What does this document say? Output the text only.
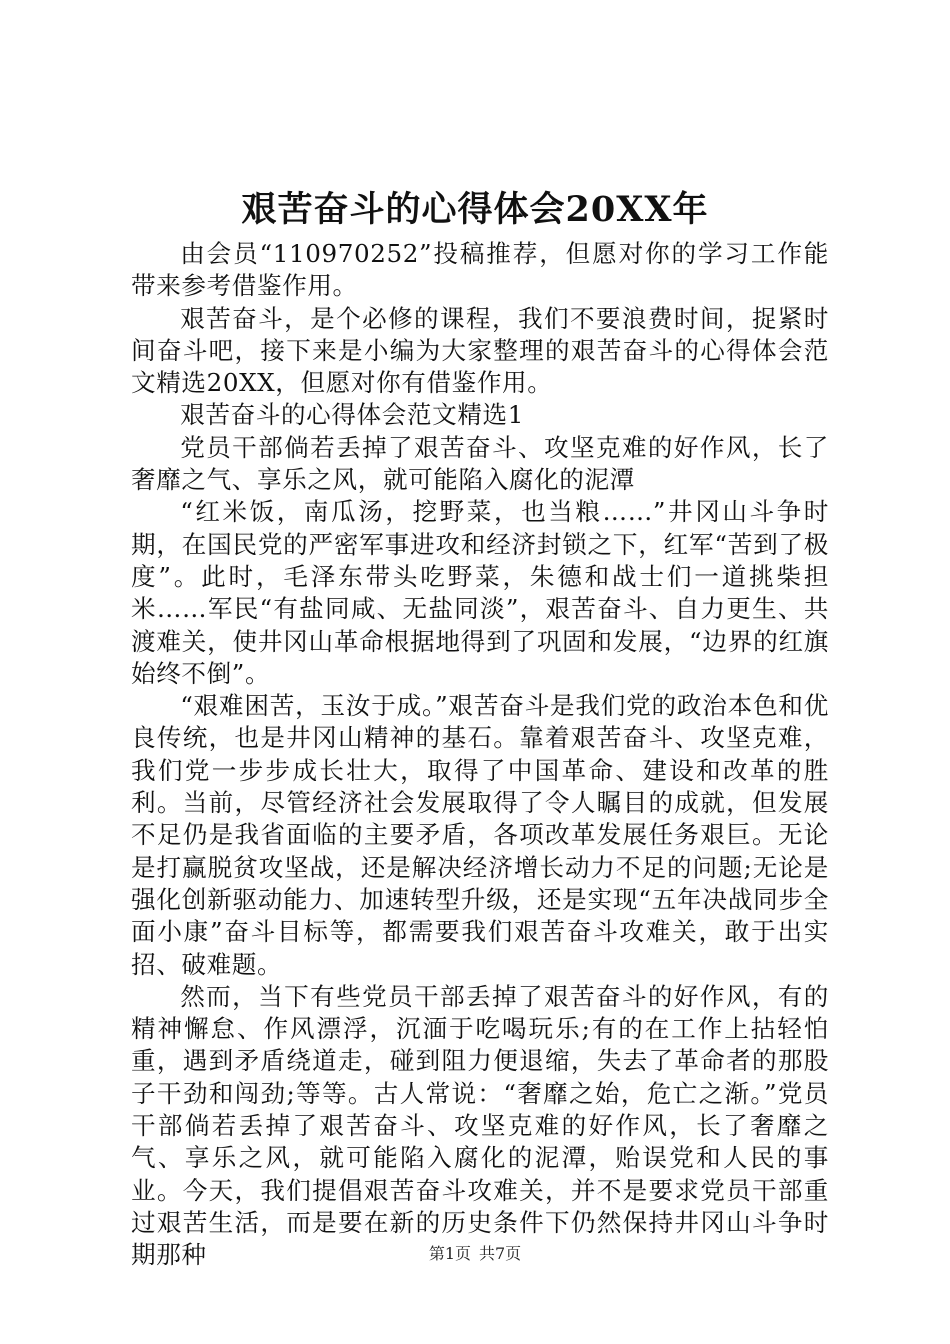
艰苦奋斗的心得体会20XX年

由会员“110970252”投稿推荐，但愿对你的学习工作能带来参考借鉴作用。

艰苦奋斗，是个必修的课程，我们不要浪费时间，捉紧时间奋斗吧，接下来是小编为大家整理的艰苦奋斗的心得体会范文精选20XX，但愿对你有借鉴作用。

艰苦奋斗的心得体会范文精选1

党员干部倘若丢掉了艰苦奋斗、攻坚克难的好作风，长了奢靡之气、享乐之风，就可能陷入腐化的泥潭

“红米饭，南瓜汤，挖野菜，也当粮……”井冈山斗争时期，在国民党的严密军事进攻和经济封锁之下，红军“苦到了极度”。此时，毛泽东带头吃野菜，朱德和战士们一道挑柴担米……军民“有盐同咸、无盐同淡”，艰苦奋斗、自力更生、共渡难关，使井冈山革命根据地得到了巩固和发展，“边界的红旗始终不倒”。

“艰难困苦，玉汝于成。”艰苦奋斗是我们党的政治本色和优良传统，也是井冈山精神的基石。靠着艰苦奋斗、攻坚克难，我们党一步步成长壮大，取得了中国革命、建设和改革的胜利。当前，尽管经济社会发展取得了令人瞩目的成就，但发展不足仍是我省面临的主要矛盾，各项改革发展任务艰巨。无论是打赢脱贫攻坚战，还是解决经济增长动力不足的问题;无论是强化创新驱动能力、加速转型升级，还是实现“五年决战同步全面小康”奋斗目标等，都需要我们艰苦奋斗攻难关，敢于出实招、破难题。

然而，当下有些党员干部丢掉了艰苦奋斗的好作风，有的精神懈怠、作风漂浮，沉湎于吃喝玩乐;有的在工作上拈轻怕重，遇到矛盾绕道走，碰到阻力便退缩，失去了革命者的那股子干劲和闯劲;等等。古人常说：“奢靡之始，危亡之渐。”党员干部倘若丢掉了艰苦奋斗、攻坚克难的好作风，长了奢靡之气、享乐之风，就可能陷入腐化的泥潭，贻误党和人民的事业。今天，我们提倡艰苦奋斗攻难关，并不是要求党员干部重过艰苦生活，而是要在新的历史条件下仍然保持井冈山斗争时期那种	第1页 共7页
